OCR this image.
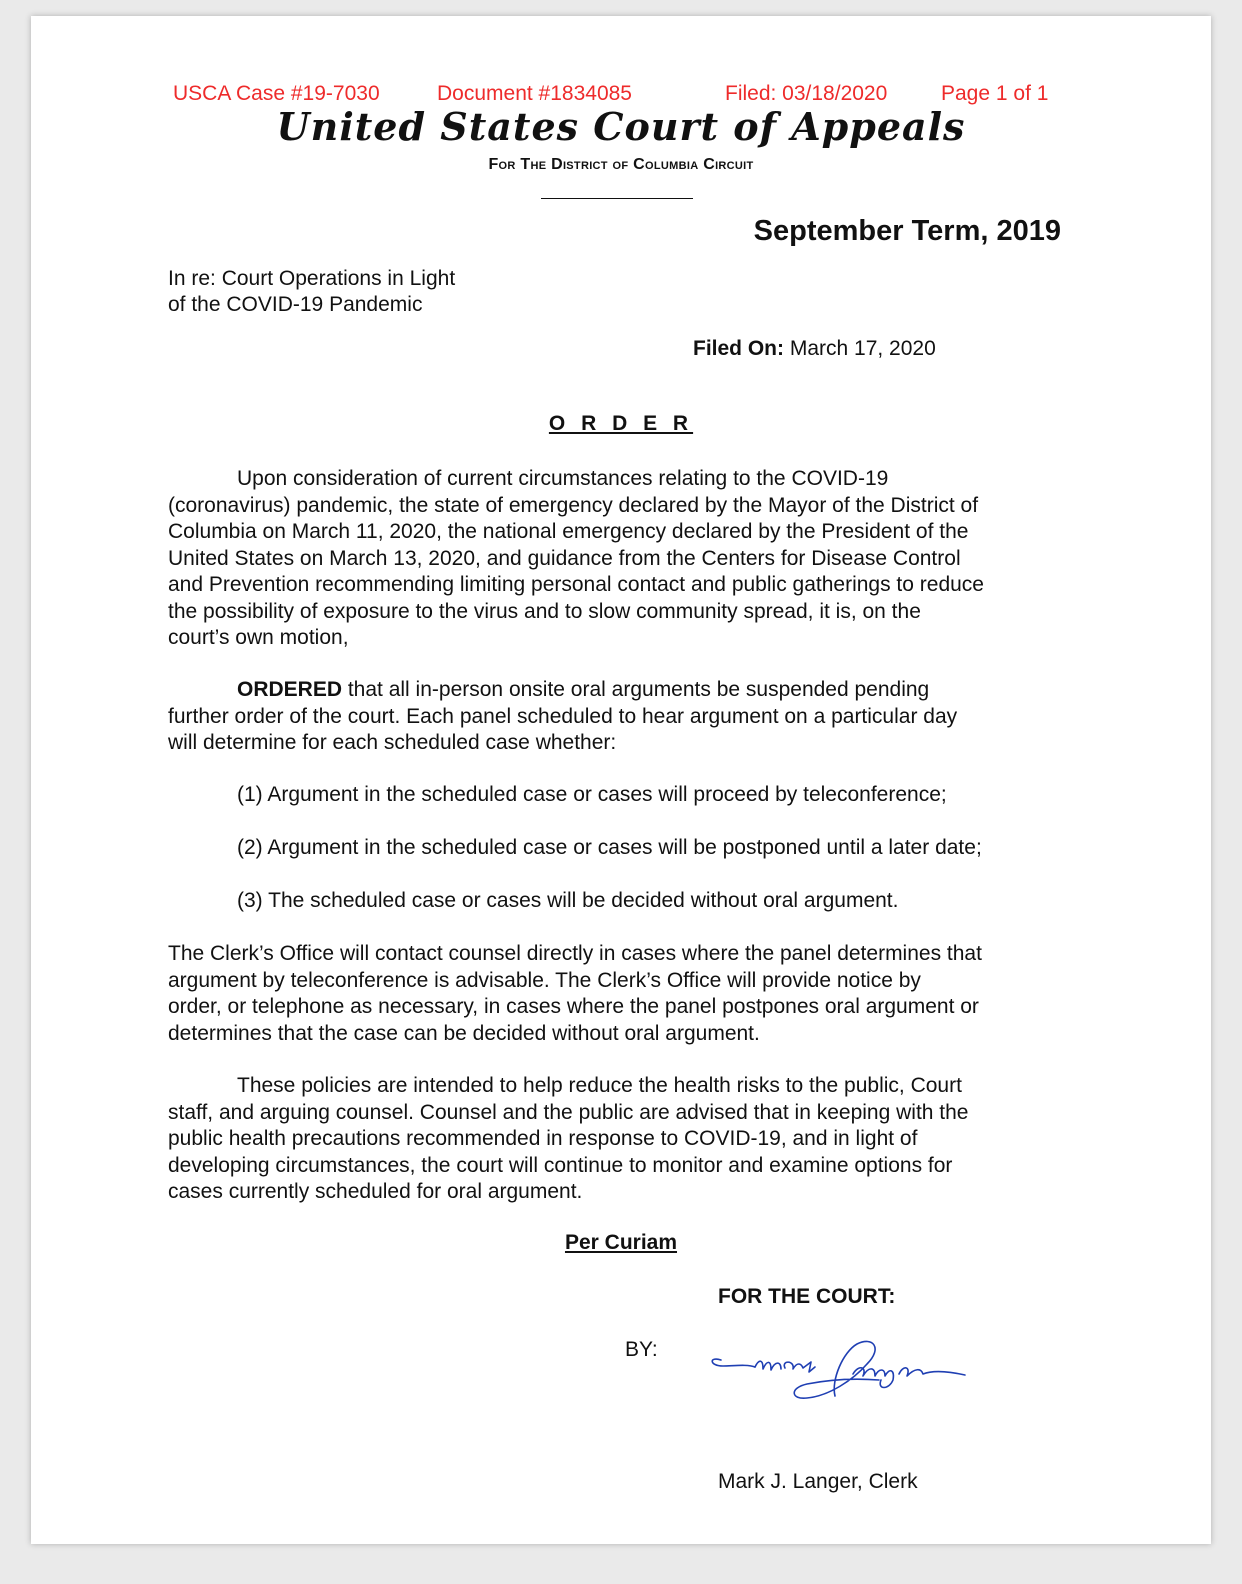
USCA Case #19-7030	Document #1834085	Filed: 03/18/2020	Page 1 of 1
United States Court of Appeals
For The District of Columbia Circuit
September Term, 2019
In re: Court Operations in Light
of the COVID-19 Pandemic
Filed On: March 17, 2020
O R D E R

Upon consideration of current circumstances relating to the COVID-19

(coronavirus) pandemic, the state of emergency declared by the Mayor of the District of

Columbia on March 11, 2020, the national emergency declared by the President of the

United States on March 13, 2020, and guidance from the Centers for Disease Control

and Prevention recommending limiting personal contact and public gatherings to reduce

the possibility of exposure to the virus and to slow community spread, it is, on the

court’s own motion,

ORDERED that all in-person onsite oral arguments be suspended pending

further order of the court. Each panel scheduled to hear argument on a particular day

will determine for each scheduled case whether:

(1) Argument in the scheduled case or cases will proceed by teleconference;
(2) Argument in the scheduled case or cases will be postponed until a later date;
(3) The scheduled case or cases will be decided without oral argument.

The Clerk’s Office will contact counsel directly in cases where the panel determines that

argument by teleconference is advisable. The Clerk’s Office will provide notice by

order, or telephone as necessary, in cases where the panel postpones oral argument or

determines that the case can be decided without oral argument.

These policies are intended to help reduce the health risks to the public, Court

staff, and arguing counsel. Counsel and the public are advised that in keeping with the

public health precautions recommended in response to COVID-19, and in light of

developing circumstances, the court will continue to monitor and examine options for

cases currently scheduled for oral argument.

Per Curiam
FOR THE COURT:
BY:
Mark J. Langer, Clerk
